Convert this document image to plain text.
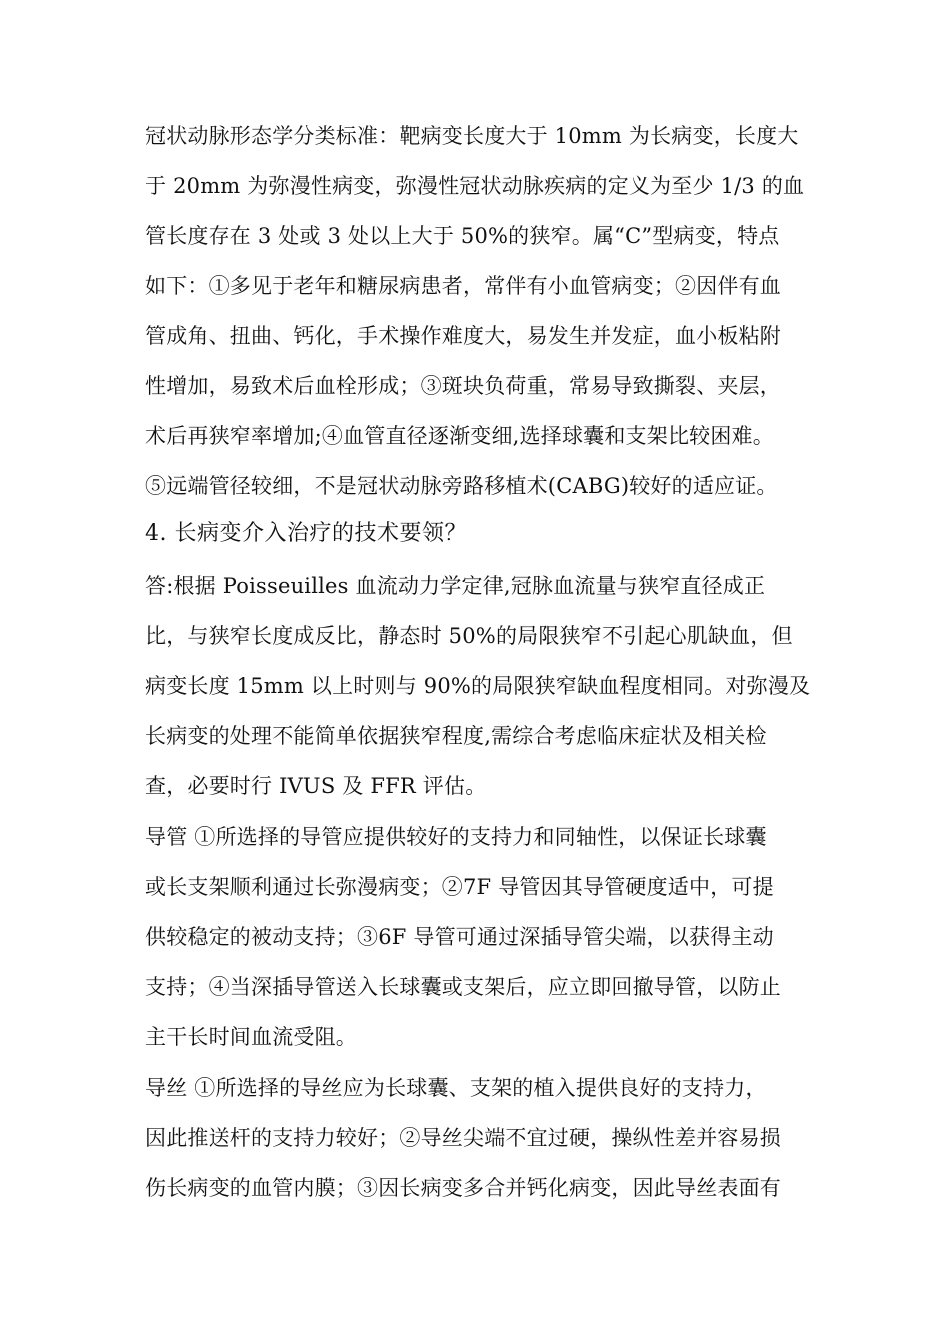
冠状动脉形态学分类标准：靶病变长度大于 10mm 为长病变，长度大
于 20mm 为弥漫性病变，弥漫性冠状动脉疾病的定义为至少 1/3 的血
管长度存在 3 处或 3 处以上大于 50%的狭窄。属“C”型病变，特点
如下：①多见于老年和糖尿病患者，常伴有小血管病变；②因伴有血
管成角、扭曲、钙化，手术操作难度大，易发生并发症，血小板粘附
性增加，易致术后血栓形成；③斑块负荷重，常易导致撕裂、夹层，
术后再狭窄率增加;④血管直径逐渐变细,选择球囊和支架比较困难。
⑤远端管径较细，不是冠状动脉旁路移植术(CABG)较好的适应证。
4. 长病变介入治疗的技术要领？
答:根据 Poisseuilles 血流动力学定律,冠脉血流量与狭窄直径成正
比，与狭窄长度成反比，静态时 50%的局限狭窄不引起心肌缺血，但
病变长度 15mm 以上时则与 90%的局限狭窄缺血程度相同。对弥漫及
长病变的处理不能简单依据狭窄程度,需综合考虑临床症状及相关检
查，必要时行 IVUS 及 FFR 评估。
导管 ①所选择的导管应提供较好的支持力和同轴性，以保证长球囊
或长支架顺利通过长弥漫病变；②7F 导管因其导管硬度适中，可提
供较稳定的被动支持；③6F 导管可通过深插导管尖端，以获得主动
支持；④当深插导管送入长球囊或支架后，应立即回撤导管，以防止
主干长时间血流受阻。
导丝 ①所选择的导丝应为长球囊、支架的植入提供良好的支持力，
因此推送杆的支持力较好；②导丝尖端不宜过硬，操纵性差并容易损
伤长病变的血管内膜；③因长病变多合并钙化病变，因此导丝表面有
